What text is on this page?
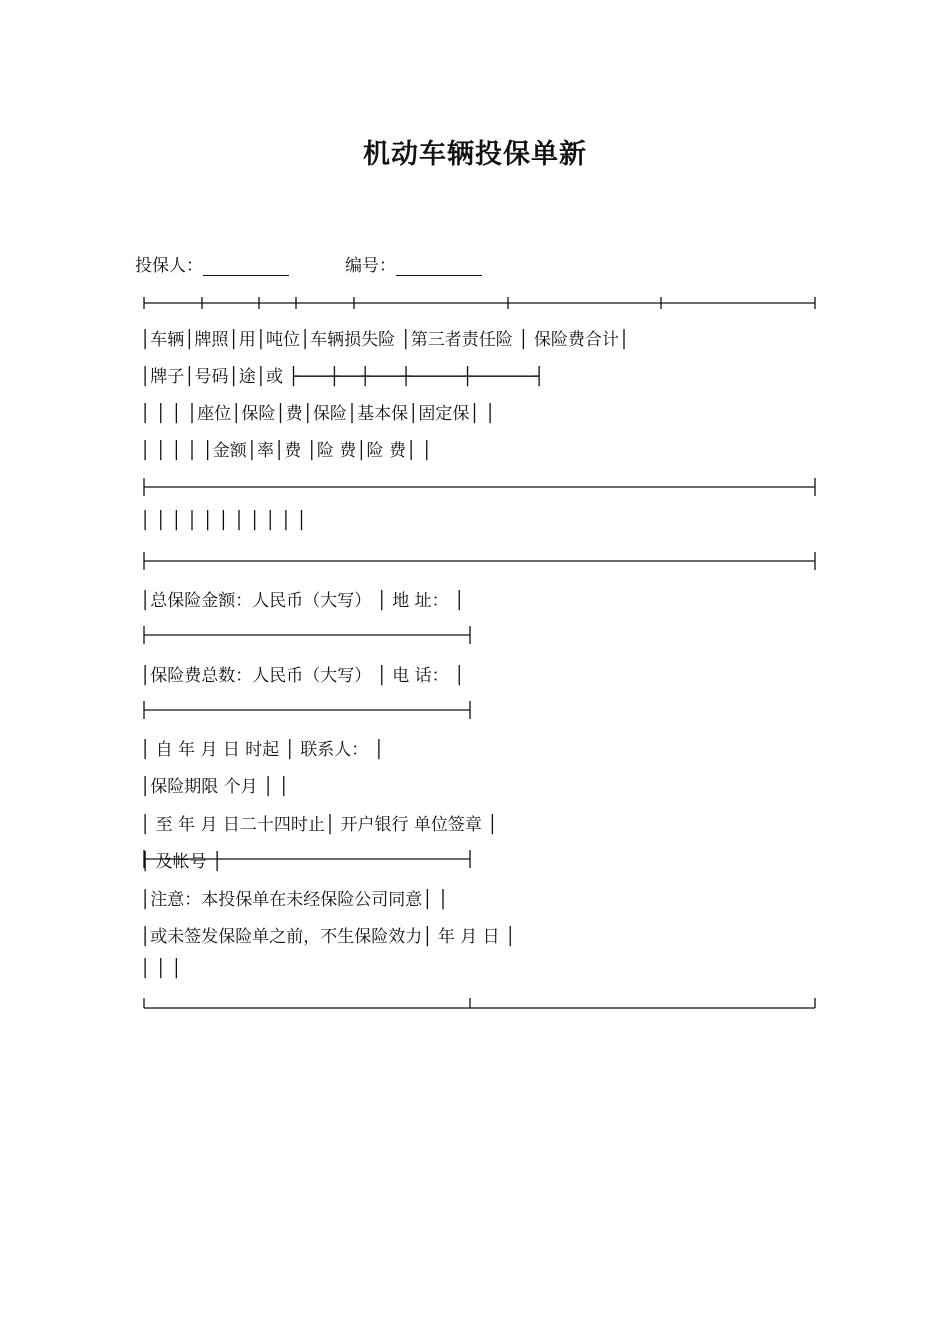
机动车辆投保单新
投保人：	编号：
│车辆│牌照│用│吨位│车辆损失险 │第三者责任险 │ 保险费合计│
│牌子│号码│途│或 ├───┼──┼───┼─────┼──────┤
│ │ │ │座位│保险│费│保险│基本保│固定保│ │
│ │ │ │ │金额│率│费 │险 费│险 费│ │
│ │ │ │ │ │ │ │ │ │ │
│总保险金额：人民币（大写） │ 地 址： │
│保险费总数：人民币（大写） │ 电 话： │
│ 自 年 月 日 时起 │ 联系人： │
│保险期限 个月 │ │
│ 至 年 月 日二十四时止│ 开户银行 单位签章 │
│ 及帐号 │
│注意：本投保单在未经保险公司同意│ │
│或未签发保险单之前，不生保险效力│ 年 月 日 │
│ │ │
